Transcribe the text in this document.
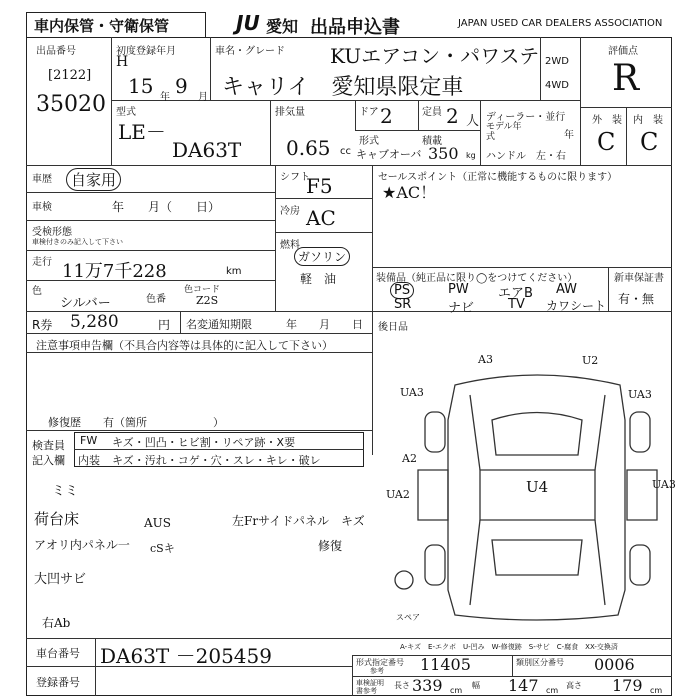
車内保管・守衛保管	JU 愛知 出品申込書	JAPAN USED CAR DEALERS ASSOCIATION
出品番号
[2122]
35020
初度登録年月
H
15 年 9 月
車名・グレード KUエアコン・パワステ
キャリイ　愛知県限定車
2WD
4WD
評価点
R
外　装 内　装
C C
型式
LE－
DA63T
排気量
0.65 cc
ドア 2	定員 2 人
形式
キャブオーバ
積載
350 kg
ディーラー・並行
モデル年式	年
ハンドル　左・右
車歴	自家用
車検	年　　月（　　日）
受検形態
車検付きのみ記入して下さい
走行 11万7千228	km
色
シルバー	色番
色コード
Z2S
シフト
F5
冷房 AC
燃料
ガソリン
軽　油
セールスポイント（正常に機能するものに限ります）
★AC！
装備品（純正品に限り◯をつけてください）	新車保証書
有・無
PS	PW エアB AW
SR	ナビ	TV カワシート
R券 5,280	円 名変通知期限	年　　月　　日 後日品
注意事項申告欄（不具合内容等は具体的に記入して下さい）
修復歴　　有（箇所　　　　　　）
検査員
記入欄
FW キズ・凹凸・ヒビ割・リペア跡・X要
内装 キズ・汚れ・コゲ・穴・スレ・キレ・破レ
ミミ
荷台床
アオリ内パネル一
大凹サビ
AUS
cSキ
左Frサイドパネル　キズ
修復
右Ab
A3	U2
UA3	UA3
A2
UA2
UA3
U4
スペア
A-キズ　E-エクボ　U-凹み　W-修復跡　S-サビ　C-腐食　XX-交換済
車台番号 DA63T －205459
登録番号
形式指定番号
参考 11405	類別区分番号 0006
車検証明書参考
長さ 339 cm
幅 147 cm
高さ 179 cm
